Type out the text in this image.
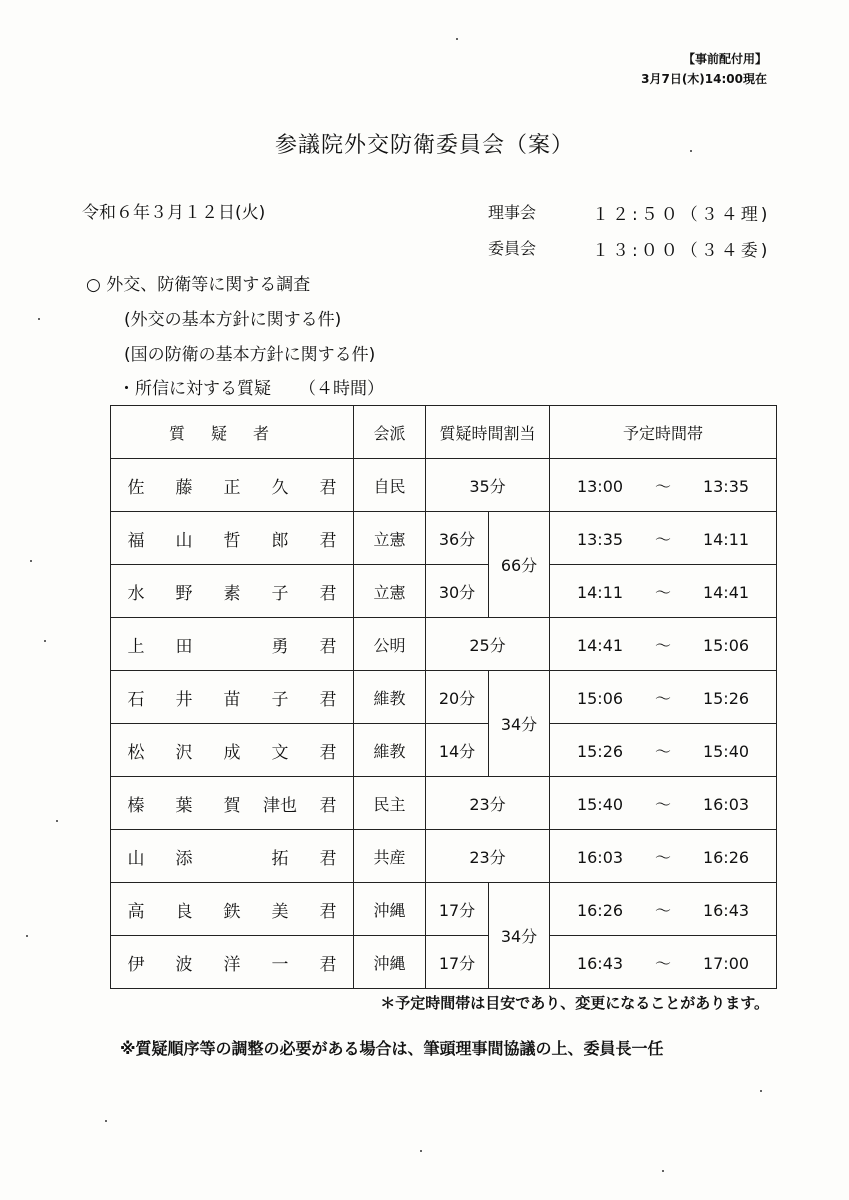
【事前配付用】
3月7日(木)14:00現在
参議院外交防衛委員会（案）
令和６年３月１２日(火)	理事会	１２:５０（３４理)
委員会	１３:００（３４委)
○ 外交、防衛等に関する調査
(外交の基本方針に関する件)
(国の防衛の基本方針に関する件)
・所信に対する質疑 （４時間）
質疑者	会派	質疑時間割当		予定時間帯
佐 藤 正 久 君	自民	35分		13:00 ～ 13:35
福 山 哲 郎 君	立憲	36分	66分	13:35 ～ 14:11
水 野 素 子 君	立憲	30分		14:11 ～ 14:41
上 田 勇 君	公明	25分		14:41 ～ 15:06
石 井 苗 子 君	維教	20分	34分	15:06 ～ 15:26
松 沢 成 文 君	維教	14分		15:26 ～ 15:40
榛 葉 賀 津也 君	民主	23分		15:40 ～ 16:03
山 添 拓 君	共産	23分		16:03 ～ 16:26
高 良 鉄 美 君	沖縄	17分	34分	16:26 ～ 16:43
伊 波 洋 一 君	沖縄	17分		16:43 ～ 17:00
＊予定時間帯は目安であり、変更になることがあります。
※質疑順序等の調整の必要がある場合は、筆頭理事間協議の上、委員長一任
